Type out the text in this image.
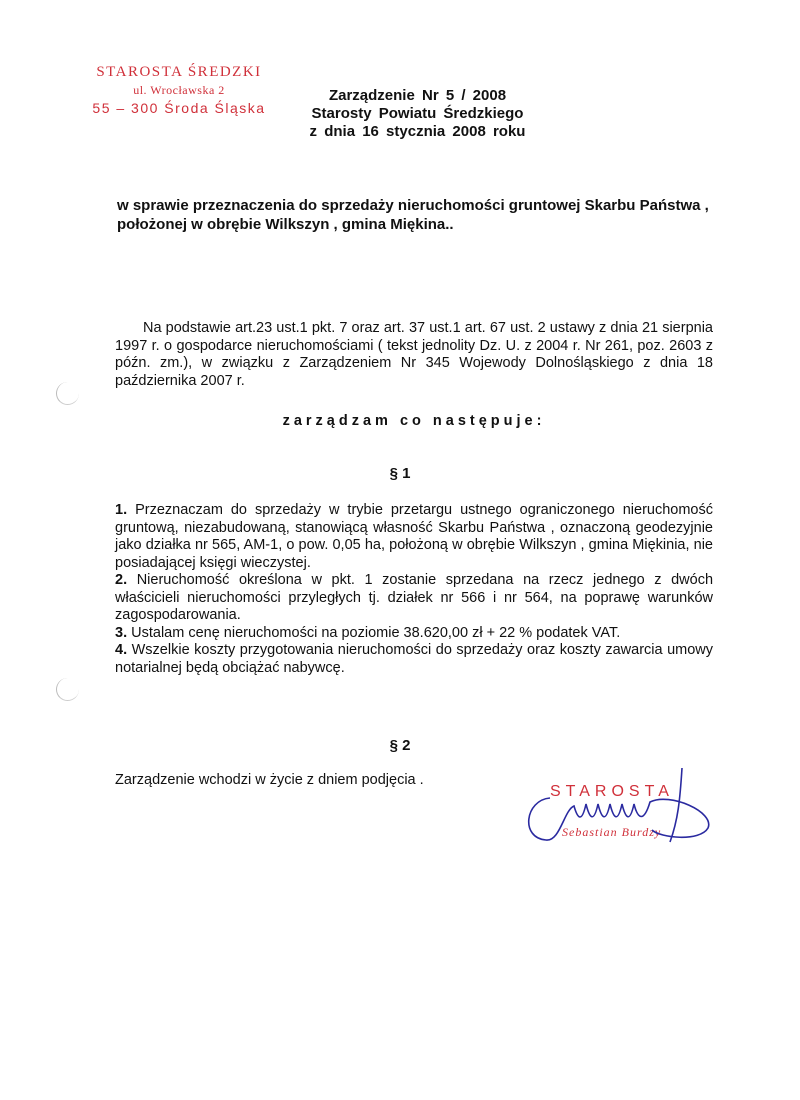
STAROSTA ŚREDZKI
ul. Wrocławska 2
55 – 300 Środa Śląska
Zarządzenie Nr 5 / 2008
Starosty Powiatu Średzkiego
z dnia 16 stycznia 2008 roku
w sprawie przeznaczenia do sprzedaży nieruchomości gruntowej Skarbu Państwa , położonej w obrębie Wilkszyn , gmina Miękina..
Na podstawie art.23 ust.1 pkt. 7 oraz art. 37 ust.1 art. 67 ust. 2 ustawy z dnia 21 sierpnia 1997 r. o gospodarce nieruchomościami ( tekst jednolity Dz. U. z 2004 r. Nr 261, poz. 2603 z późn. zm.), w związku z Zarządzeniem Nr 345 Wojewody Dolnośląskiego z dnia 18 października 2007 r.
zarządzam co następuje:
§ 1

1. Przeznaczam do sprzedaży w trybie przetargu ustnego ograniczonego nieruchomość gruntową, niezabudowaną, stanowiącą własność Skarbu Państwa , oznaczoną geodezyjnie jako działka nr 565, AM-1, o pow. 0,05 ha, położoną w obrębie Wilkszyn , gmina Miękinia, nie posiadającej księgi wieczystej.

2. Nieruchomość określona w pkt. 1 zostanie sprzedana na rzecz jednego z dwóch właścicieli nieruchomości przyległych tj. działek nr 566 i nr 564, na poprawę warunków zagospodarowania.

3. Ustalam cenę nieruchomości na poziomie 38.620,00 zł + 22 % podatek VAT.

4. Wszelkie koszty przygotowania nieruchomości do sprzedaży oraz koszty zawarcia umowy notarialnej będą obciążać nabywcę.

§ 2
Zarządzenie wchodzi w życie z dniem podjęcia .
STAROSTA
Sebastian Burdzy
